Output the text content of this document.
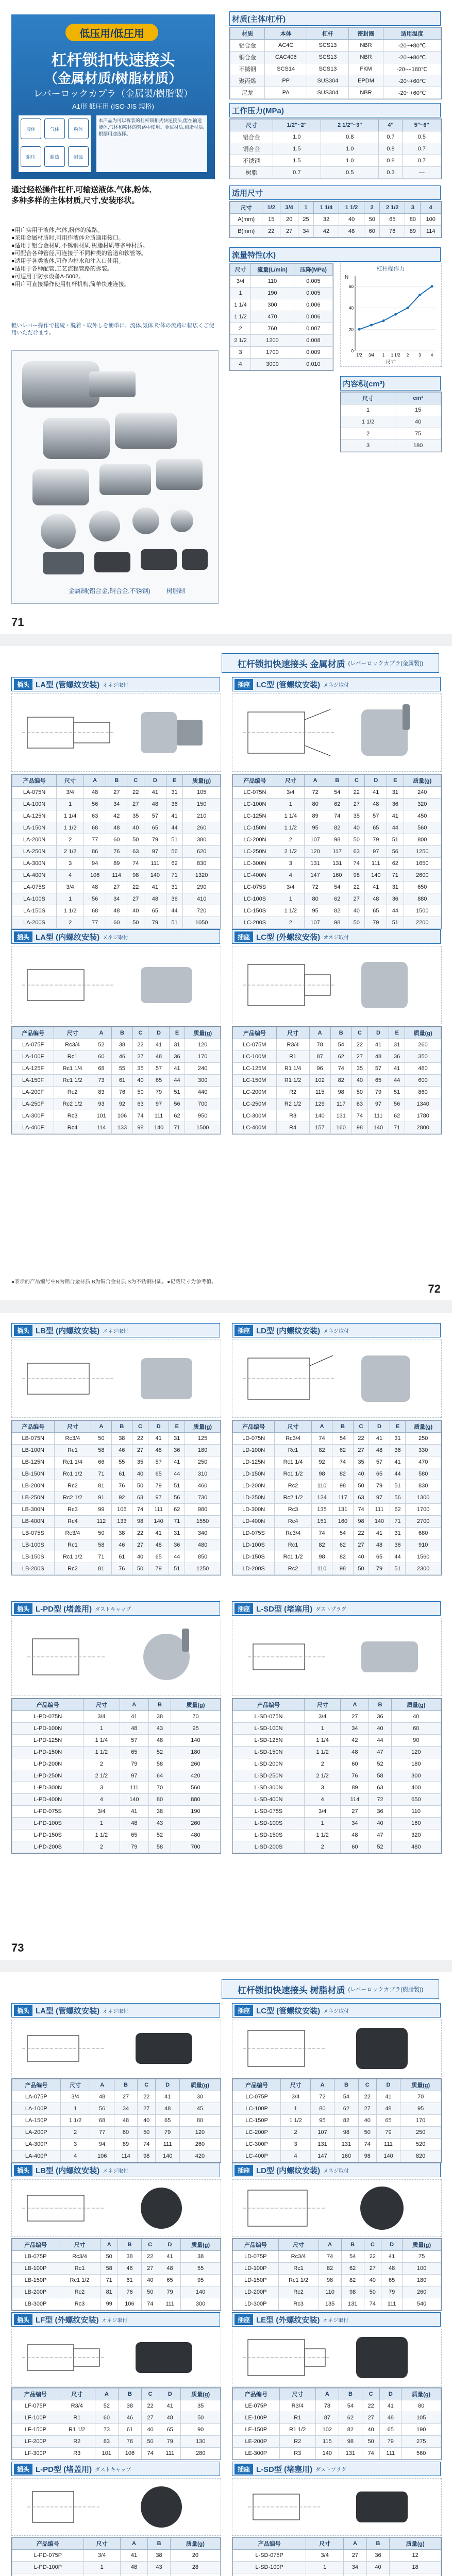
低压用/低圧用
杠杆锁扣快速接头
（金属材质/树脂材质）
レバーロックカプラ（金属製/樹脂製）
A1形 低圧用 (ISO·JIS 規格)
液体	气体	粉体
耐压	耐热	耐蚀
本产品为可以拆装的杠杆锁扣式快速接头,能在输送液体,气体和粉体的管路中使用。金属材质,树脂材质,根据用途选择。
通过轻松操作杠杆,可输送液体,气体,粉体,
多种多样的主体材质,尺寸,安装形状。
●用户实用于液体,气体,粉体的流路。
●采用金属材质时,可用作液体介质通用接口。
●适用于铝合金材质,不锈钢材质,树脂材质等多种材质。
●可配合各种管径,可连接于不同种类的管道和软管等。
●适用于各类液体,可作为排水和注入口使用。
●适用于各种配管,工艺流程管路的拆装。
●可适用于防水设备A-5002。
●用户可直接操作使用杠杆机构,简单快速连接。
軽いレバー操作で接続・脱着・取外しを簡単に。流体,気体,粉体の流路に幅広くご使用いただけます。
金属制(铝合金,铜合金,不锈钢)	树脂制
材质(主体/杠杆)
材质	本体	杠杆	密封圈	适用温度
铝合金	AC4C	SCS13	NBR	-20~+80℃
铜合金	CAC406	SCS13	NBR	-20~+80℃
不锈钢	SCS14	SCS13	FKM	-20~+180℃
聚丙烯	PP	SUS304	EPDM	-20~+60℃
尼龙	PA	SUS304	NBR	-20~+60℃
工作压力(MPa)
尺寸	1/2"~2"	2 1/2"~3"	4"	5"~6"
铝合金	1.0	0.8	0.7	0.5
铜合金	1.5	1.0	0.8	0.7
不锈钢	1.5	1.0	0.8	0.7
树脂	0.7	0.5	0.3	—
适用尺寸
尺寸	1/2	3/4	1	1 1/4	1 1/2	2	2 1/2	3	4
A(mm)	15	20	25	32	40	50	65	80	100
B(mm)	22	27	34	42	48	60	76	89	114
流量特性(水)
尺寸	流量(L/min)	压降(MPa)
3/4	110	0.005
1	190	0.005
1 1/4	300	0.006
1 1/2	470	0.006
2	760	0.007
2 1/2	1200	0.008
3	1700	0.009
4	3000	0.010
杠杆操作力
尺寸
N
0
20
40
60
1/2 3/4 1 1 1/2 2 3 4
内容积(cm³)
尺寸	cm³
1	15
1 1/2	40
2	75
3	180
71
杠杆锁扣快速接头 金属材质 (レバーロックカプラ(金属製))
插头 LA型 (管螺纹安装) オネジ取付
产品编号	尺寸	A	B	C	D	E	质量(g)
LA-075N	3/4	48	27	22	41	31	105
LA-100N	1	56	34	27	48	36	150
LA-125N	1 1/4	63	42	35	57	41	210
LA-150N	1 1/2	68	48	40	65	44	260
LA-200N	2	77	60	50	79	51	380
LA-250N	2 1/2	86	76	63	97	56	620
LA-300N	3	94	89	74	111	62	830
LA-400N	4	106	114	98	140	71	1320
LA-075S	3/4	48	27	22	41	31	290
LA-100S	1	56	34	27	48	36	410
LA-150S	1 1/2	68	48	40	65	44	720
LA-200S	2	77	60	50	79	51	1050
插座 LC型 (管螺纹安装) メネジ取付
产品编号	尺寸	A	B	C	D	E	质量(g)
LC-075N	3/4	72	54	22	41	31	240
LC-100N	1	80	62	27	48	36	320
LC-125N	1 1/4	89	74	35	57	41	450
LC-150N	1 1/2	95	82	40	65	44	560
LC-200N	2	107	98	50	79	51	800
LC-250N	2 1/2	120	117	63	97	56	1250
LC-300N	3	131	131	74	111	62	1650
LC-400N	4	147	160	98	140	71	2600
LC-075S	3/4	72	54	22	41	31	650
LC-100S	1	80	62	27	48	36	880
LC-150S	1 1/2	95	82	40	65	44	1500
LC-200S	2	107	98	50	79	51	2200
插头 LA型 (内螺纹安装) メネジ取付
产品编号	尺寸	A	B	C	D	E	质量(g)
LA-075F	Rc3/4	52	38	22	41	31	120
LA-100F	Rc1	60	46	27	48	36	170
LA-125F	Rc1 1/4	68	55	35	57	41	240
LA-150F	Rc1 1/2	73	61	40	65	44	300
LA-200F	Rc2	83	76	50	79	51	440
LA-250F	Rc2 1/2	93	92	63	97	56	700
LA-300F	Rc3	101	106	74	111	62	950
LA-400F	Rc4	114	133	98	140	71	1500
插座 LC型 (外螺纹安装) オネジ取付
产品编号	尺寸	A	B	C	D	E	质量(g)
LC-075M	R3/4	78	54	22	41	31	260
LC-100M	R1	87	62	27	48	36	350
LC-125M	R1 1/4	96	74	35	57	41	480
LC-150M	R1 1/2	102	82	40	65	44	600
LC-200M	R2	115	98	50	79	51	860
LC-250M	R2 1/2	129	117	63	97	56	1340
LC-300M	R3	140	131	74	111	62	1780
LC-400M	R4	157	160	98	140	71	2800
●表示的产品编号中N为铝合金材质,B为铜合金材质,S为不锈钢材质。●记载尺寸为参考值。
72
插头 LB型 (内螺纹安装) メネジ取付
产品编号	尺寸	A	B	C	D	E	质量(g)
LB-075N	Rc3/4	50	38	22	41	31	125
LB-100N	Rc1	58	46	27	48	36	180
LB-125N	Rc1 1/4	66	55	35	57	41	250
LB-150N	Rc1 1/2	71	61	40	65	44	310
LB-200N	Rc2	81	76	50	79	51	460
LB-250N	Rc2 1/2	91	92	63	97	56	730
LB-300N	Rc3	99	106	74	111	62	980
LB-400N	Rc4	112	133	98	140	71	1550
LB-075S	Rc3/4	50	38	22	41	31	340
LB-100S	Rc1	58	46	27	48	36	480
LB-150S	Rc1 1/2	71	61	40	65	44	850
LB-200S	Rc2	81	76	50	79	51	1250
插座 LD型 (内螺纹安装) メネジ取付
产品编号	尺寸	A	B	C	D	E	质量(g)
LD-075N	Rc3/4	74	54	22	41	31	250
LD-100N	Rc1	82	62	27	48	36	330
LD-125N	Rc1 1/4	92	74	35	57	41	470
LD-150N	Rc1 1/2	98	82	40	65	44	580
LD-200N	Rc2	110	98	50	79	51	830
LD-250N	Rc2 1/2	124	117	63	97	56	1300
LD-300N	Rc3	135	131	74	111	62	1700
LD-400N	Rc4	151	160	98	140	71	2700
LD-075S	Rc3/4	74	54	22	41	31	680
LD-100S	Rc1	82	62	27	48	36	910
LD-150S	Rc1 1/2	98	82	40	65	44	1560
LD-200S	Rc2	110	98	50	79	51	2300
插头 L-PD型 (堵盖用) ダストキャップ
产品编号	尺寸	A	B	质量(g)
L-PD-075N	3/4	41	38	70
L-PD-100N	1	48	43	95
L-PD-125N	1 1/4	57	48	140
L-PD-150N	1 1/2	65	52	180
L-PD-200N	2	79	58	260
L-PD-250N	2 1/2	97	64	420
L-PD-300N	3	111	70	560
L-PD-400N	4	140	80	880
L-PD-075S	3/4	41	38	190
L-PD-100S	1	48	43	260
L-PD-150S	1 1/2	65	52	480
L-PD-200S	2	79	58	700
插座 L-SD型 (堵塞用) ダストプラグ
产品编号	尺寸	A	B	质量(g)
L-SD-075N	3/4	27	36	40
L-SD-100N	1	34	40	60
L-SD-125N	1 1/4	42	44	90
L-SD-150N	1 1/2	48	47	120
L-SD-200N	2	60	52	180
L-SD-250N	2 1/2	76	58	300
L-SD-300N	3	89	63	400
L-SD-400N	4	114	72	650
L-SD-075S	3/4	27	36	110
L-SD-100S	1	34	40	160
L-SD-150S	1 1/2	48	47	320
L-SD-200S	2	60	52	480
73
杠杆锁扣快速接头 树脂材质 (レバーロックカプラ(樹脂製))
插头 LA型 (管螺纹安装) オネジ取付
产品编号	尺寸	A	B	C	D	质量(g)
LA-075P	3/4	48	27	22	41	30
LA-100P	1	56	34	27	48	45
LA-150P	1 1/2	68	48	40	65	80
LA-200P	2	77	60	50	79	120
LA-300P	3	94	89	74	111	260
LA-400P	4	106	114	98	140	420
插座 LC型 (管螺纹安装) メネジ取付
产品编号	尺寸	A	B	C	D	质量(g)
LC-075P	3/4	72	54	22	41	70
LC-100P	1	80	62	27	48	95
LC-150P	1 1/2	95	82	40	65	170
LC-200P	2	107	98	50	79	250
LC-300P	3	131	131	74	111	520
LC-400P	4	147	160	98	140	820
插头 LB型 (内螺纹安装) メネジ取付
产品编号	尺寸	A	B	C	D	质量(g)
LB-075P	Rc3/4	50	38	22	41	38
LB-100P	Rc1	58	46	27	48	55
LB-150P	Rc1 1/2	71	61	40	65	95
LB-200P	Rc2	81	76	50	79	140
LB-300P	Rc3	99	106	74	111	300
插座 LD型 (内螺纹安装) メネジ取付
产品编号	尺寸	A	B	C	D	质量(g)
LD-075P	Rc3/4	74	54	22	41	75
LD-100P	Rc1	82	62	27	48	100
LD-150P	Rc1 1/2	98	82	40	65	180
LD-200P	Rc2	110	98	50	79	260
LD-300P	Rc3	135	131	74	111	540
插头 LF型 (外螺纹安装) オネジ取付
产品编号	尺寸	A	B	C	D	质量(g)
LF-075P	R3/4	52	38	22	41	35
LF-100P	R1	60	46	27	48	50
LF-150P	R1 1/2	73	61	40	65	90
LF-200P	R2	83	76	50	79	130
LF-300P	R3	101	106	74	111	280
插座 LE型 (外螺纹安装) オネジ取付
产品编号	尺寸	A	B	C	D	质量(g)
LE-075P	R3/4	78	54	22	41	80
LE-100P	R1	87	62	27	48	105
LE-150P	R1 1/2	102	82	40	65	190
LE-200P	R2	115	98	50	79	275
LE-300P	R3	140	131	74	111	560
插头 L-PD型 (堵盖用) ダストキャップ
产品编号	尺寸	A	B	质量(g)
L-PD-075P	3/4	41	38	20
L-PD-100P	1	48	43	28

插座 L-SD型 (堵塞用) ダストプラグ
产品编号	尺寸	A	B	质量(g)
L-SD-075P	3/4	27	36	12
L-SD-100P	1	34	40	18
